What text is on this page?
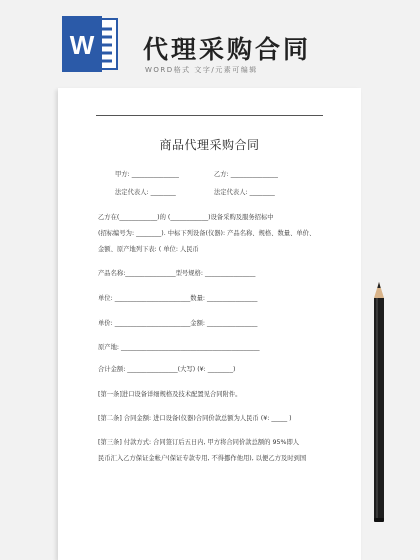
W 代理采购合同
WORD格式 文字/元素可编辑
商品代理采购合同
甲方: _______________	乙方: _______________
法定代表人: ________	法定代表人: ________
乙方在(____________)的 (____________)设备采购及服务招标中
(招标编号为: ________). 中标下列设备(仪器): 产品名称、规格、数量、单价、
金额、原产地列下表: ( 单位: 人民币
产品名称:________________型号规格: ________________
单位: ________________________数量: ________________
单价: ________________________金额: ________________
原产地: ____________________________________________
合计金额: ________________(大写) (¥: ________)
[第一条]进口设备详细规格及技术配置见合同附件。
[第二条] 合同金额: 进口设备(仪器)合同价款总额为人民币 (¥: _____ )
[第三条] 付款方式: 合同签订后五日内, 甲方将合同价款总额的 95%即人
民币汇入乙方保证金帐户(保证专款专用, 不得挪作他用), 以便乙方及时到国
